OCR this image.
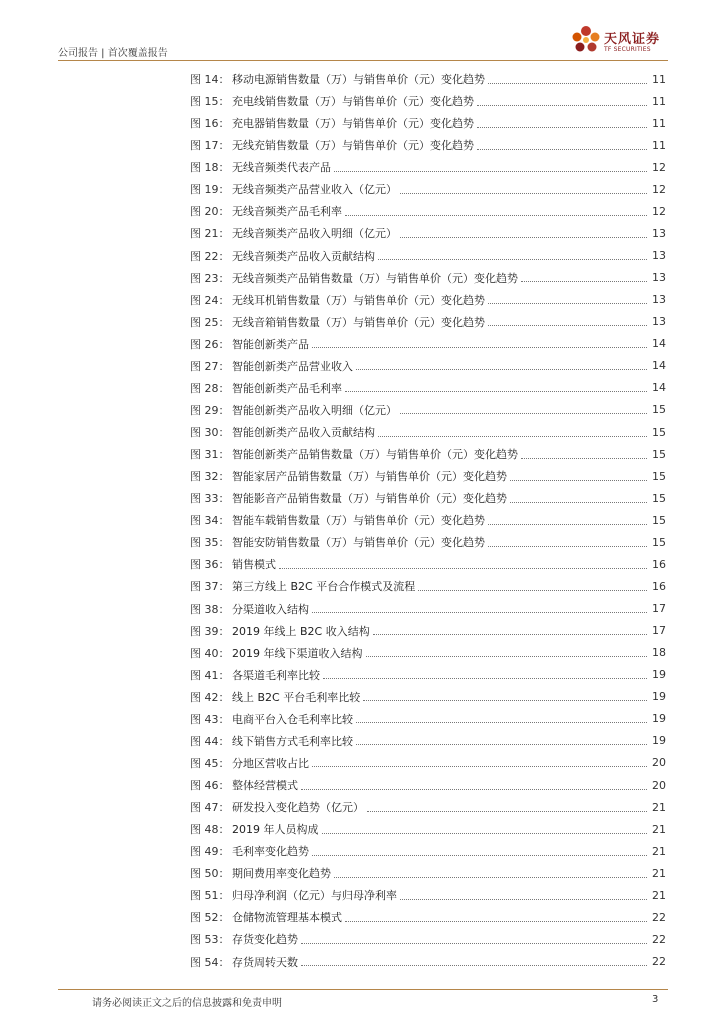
公司报告 | 首次覆盖报告
天风证券
TF SECURITIES
图 14： 移动电源销售数量（万）与销售单价（元）变化趋势	11
图 15： 充电线销售数量（万）与销售单价（元）变化趋势	11
图 16： 充电器销售数量（万）与销售单价（元）变化趋势	11
图 17： 无线充销售数量（万）与销售单价（元）变化趋势	11
图 18： 无线音频类代表产品	12
图 19： 无线音频类产品营业收入（亿元）	12
图 20： 无线音频类产品毛利率	12
图 21： 无线音频类产品收入明细（亿元）	13
图 22： 无线音频类产品收入贡献结构	13
图 23： 无线音频类产品销售数量（万）与销售单价（元）变化趋势	13
图 24： 无线耳机销售数量（万）与销售单价（元）变化趋势	13
图 25： 无线音箱销售数量（万）与销售单价（元）变化趋势	13
图 26： 智能创新类产品	14
图 27： 智能创新类产品营业收入	14
图 28： 智能创新类产品毛利率	14
图 29： 智能创新类产品收入明细（亿元）	15
图 30： 智能创新类产品收入贡献结构	15
图 31： 智能创新类产品销售数量（万）与销售单价（元）变化趋势	15
图 32： 智能家居产品销售数量（万）与销售单价（元）变化趋势	15
图 33： 智能影音产品销售数量（万）与销售单价（元）变化趋势	15
图 34： 智能车载销售数量（万）与销售单价（元）变化趋势	15
图 35： 智能安防销售数量（万）与销售单价（元）变化趋势	15
图 36： 销售模式	16
图 37： 第三方线上 B2C 平台合作模式及流程	16
图 38： 分渠道收入结构	17
图 39： 2019 年线上 B2C 收入结构	17
图 40： 2019 年线下渠道收入结构	18
图 41： 各渠道毛利率比较	19
图 42： 线上 B2C 平台毛利率比较	19
图 43： 电商平台入仓毛利率比较	19
图 44： 线下销售方式毛利率比较	19
图 45： 分地区营收占比	20
图 46： 整体经营模式	20
图 47： 研发投入变化趋势（亿元）	21
图 48： 2019 年人员构成	21
图 49： 毛利率变化趋势	21
图 50： 期间费用率变化趋势	21
图 51： 归母净利润（亿元）与归母净利率	21
图 52： 仓储物流管理基本模式	22
图 53： 存货变化趋势	22
图 54： 存货周转天数	22
请务必阅读正文之后的信息披露和免责申明	3
